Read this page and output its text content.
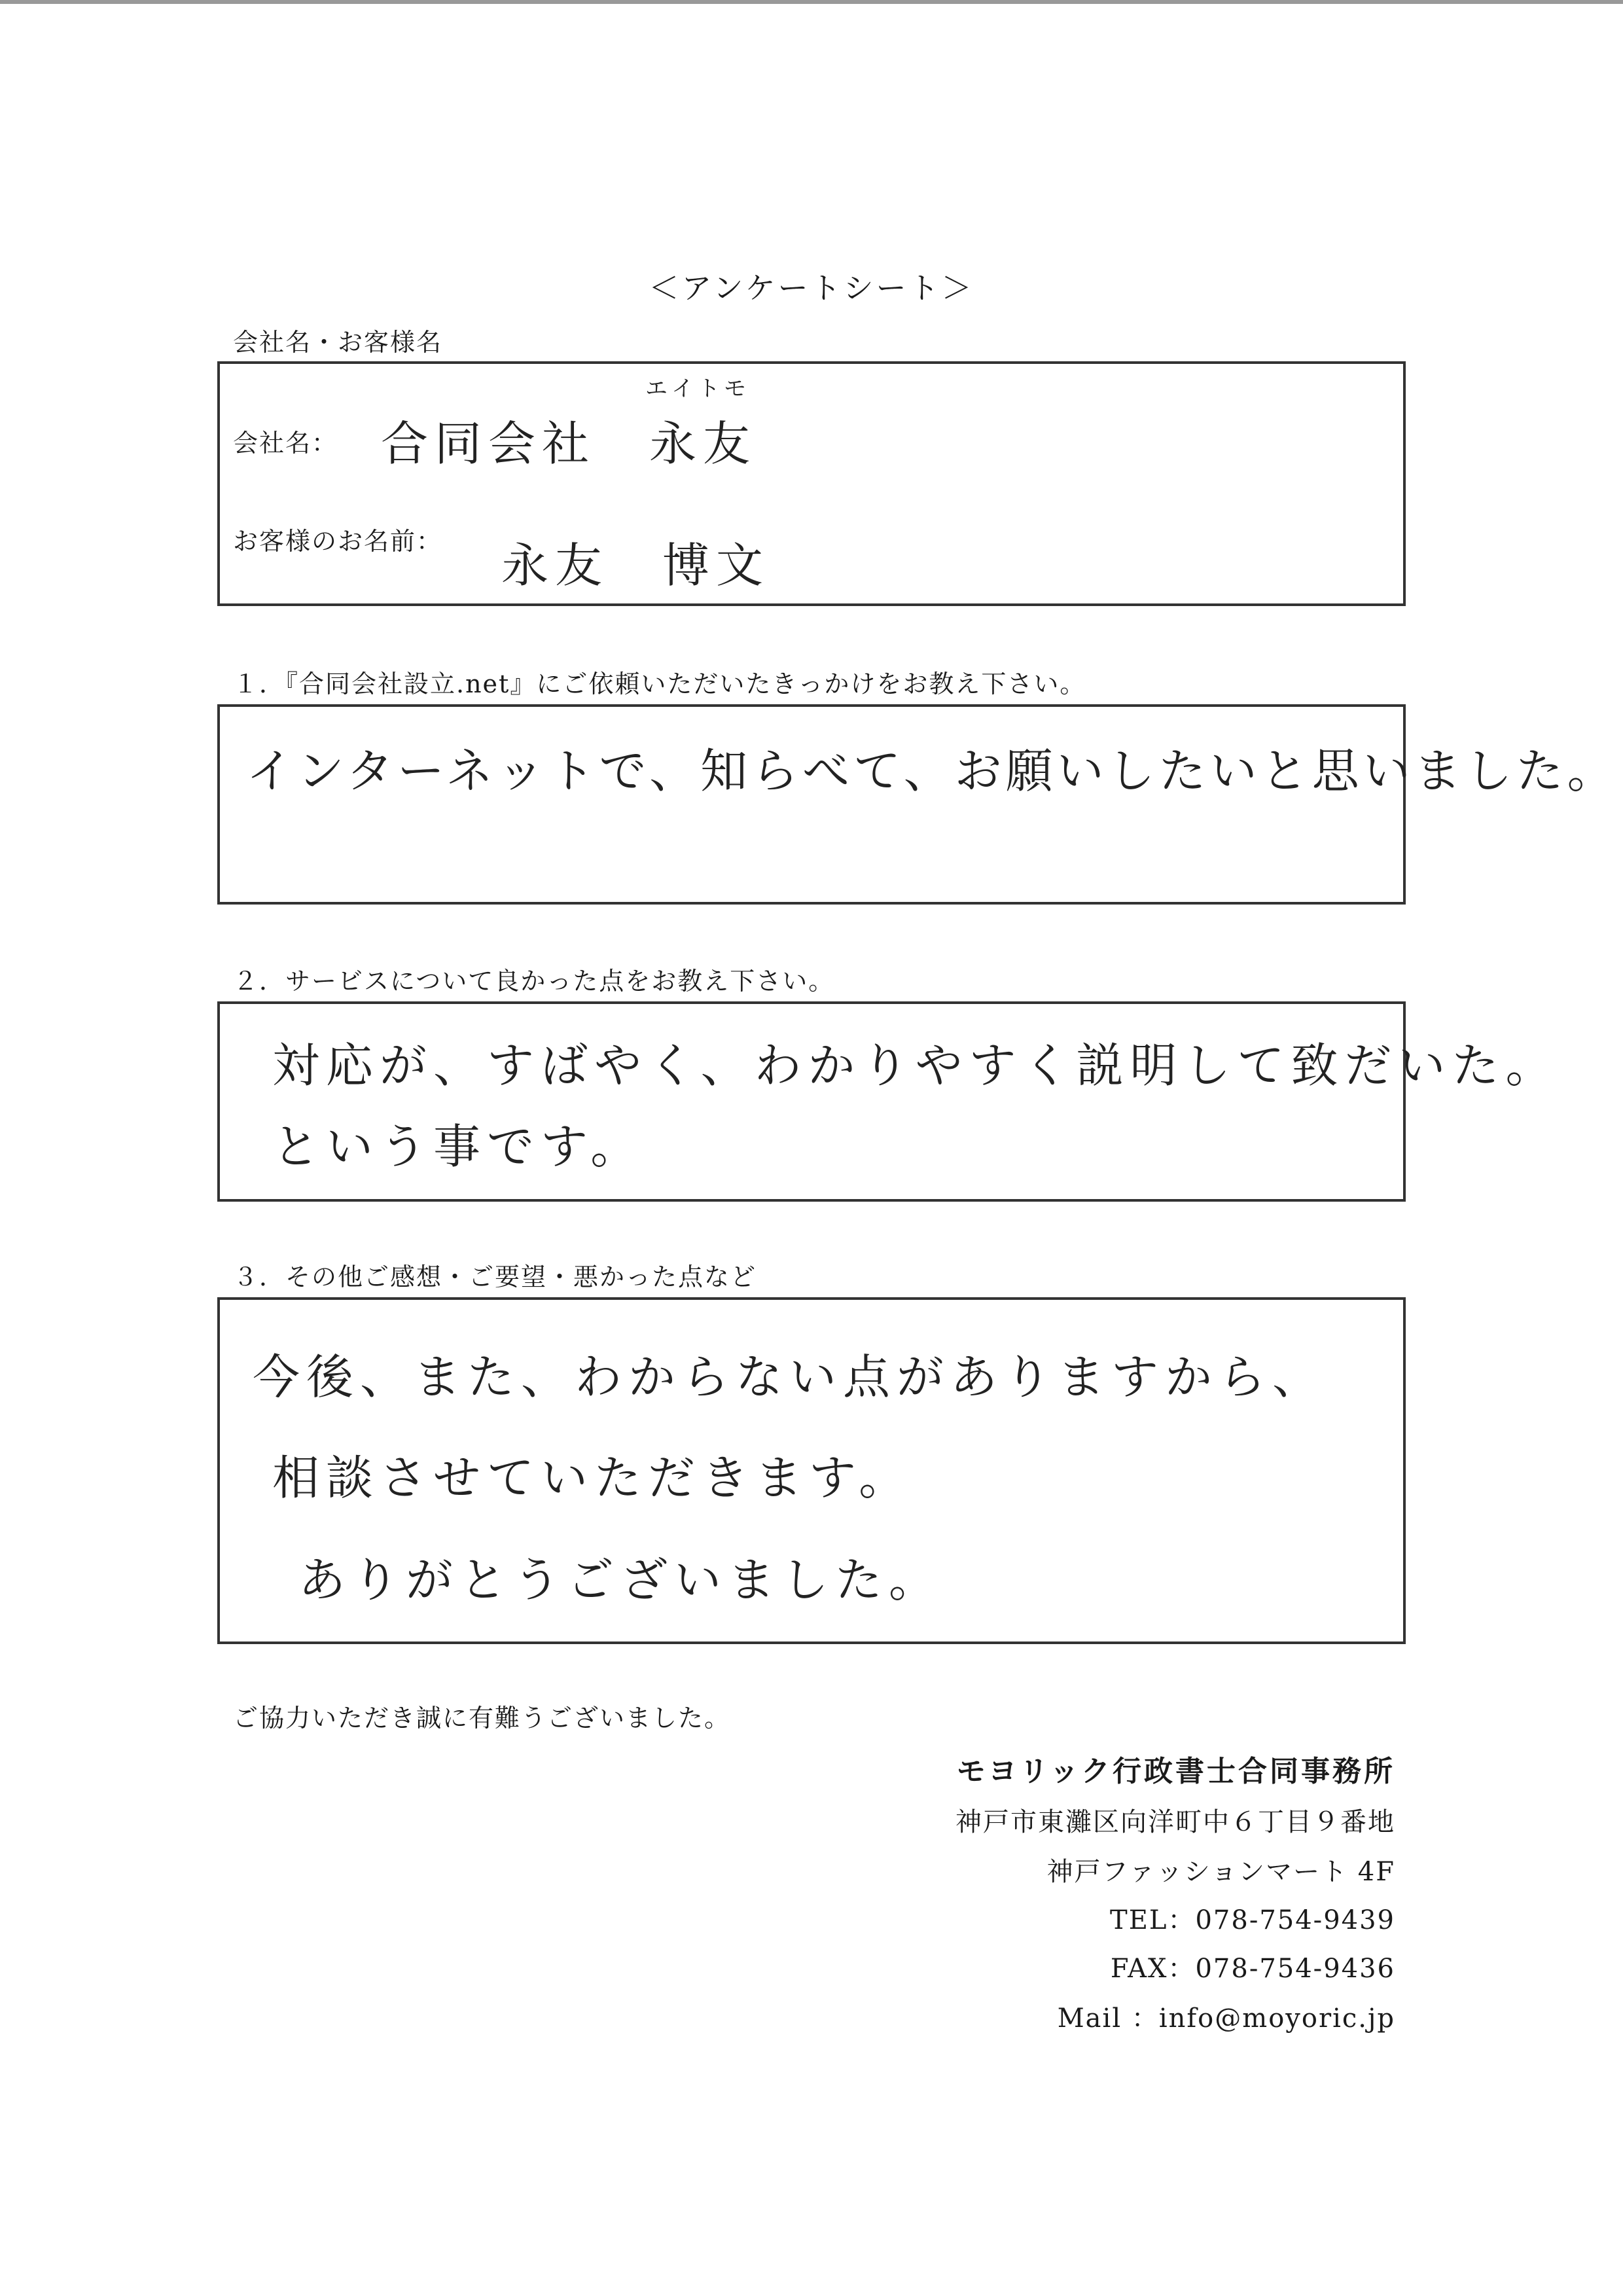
＜アンケートシート＞
会社名・お客様名
会社名：
エイトモ
合同会社　永友
お客様のお名前： 永友　博文
１．『合同会社設立.net』にご依頼いただいたきっかけをお教え下さい。
インターネットで、知らべて、お願いしたいと思いました。
２．サービスについて良かった点をお教え下さい。
対応が、すばやく、わかりやすく説明して致だいた。
という事です。
３．その他ご感想・ご要望・悪かった点など
今後、また、わからない点がありますから、
相談させていただきます。
ありがとうございました。
ご協力いただき誠に有難うございました。
モヨリック行政書士合同事務所
神戸市東灘区向洋町中６丁目９番地
神戸ファッションマート 4F
TEL：078-754-9439
FAX：078-754-9436
Mail ：info@moyoric.jp
